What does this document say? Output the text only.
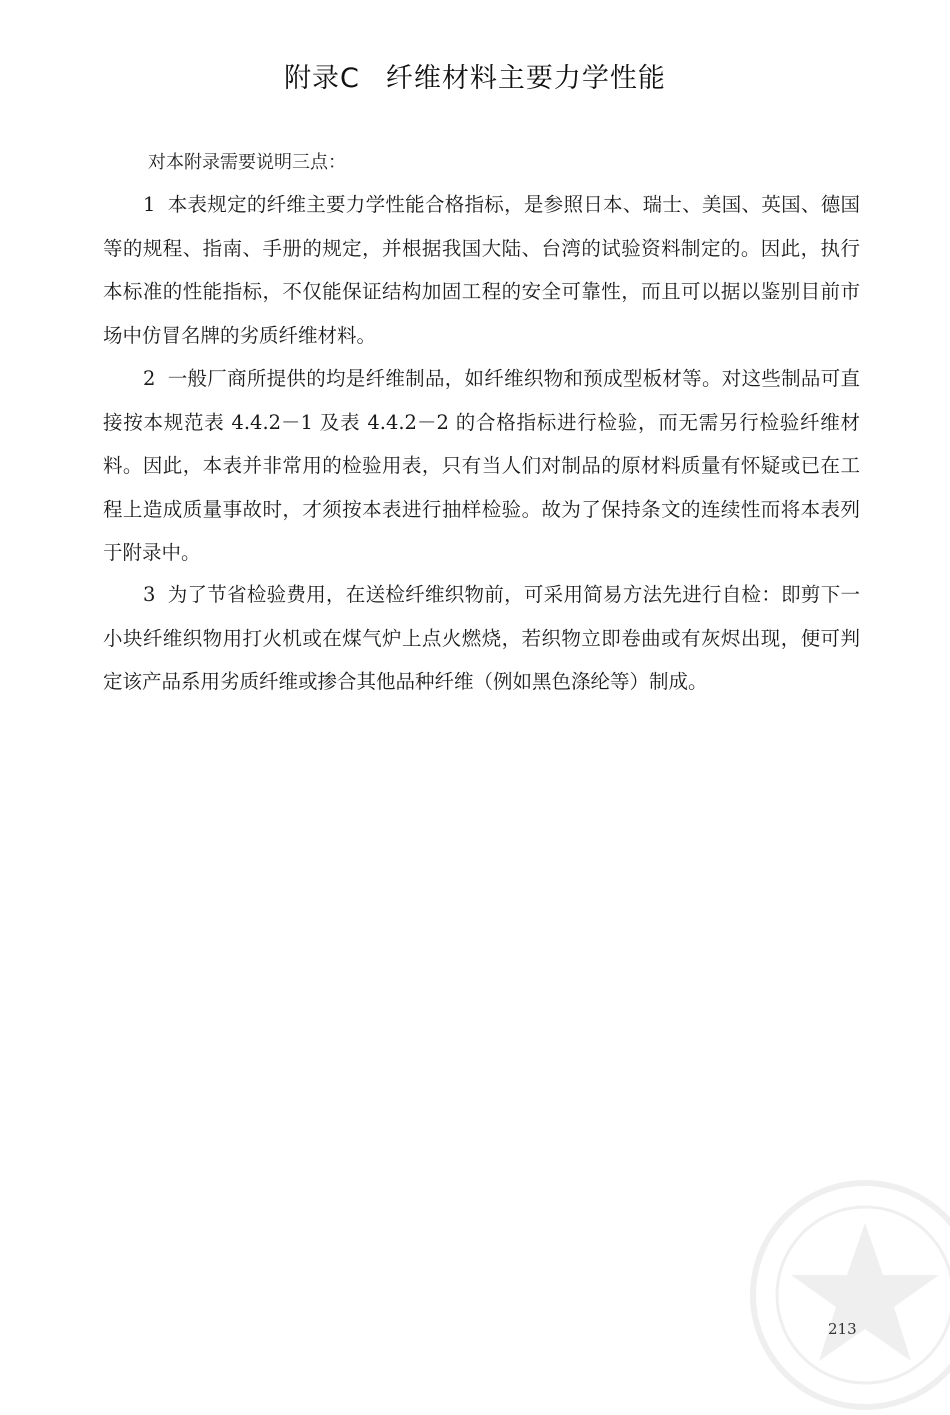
附录C 纤维材料主要力学性能
对本附录需要说明三点：

1 本表规定的纤维主要力学性能合格指标，是参照日本、瑞士、美国、英国、德国等的规程、指南、手册的规定，并根据我国大陆、台湾的试验资料制定的。因此，执行本标准的性能指标，不仅能保证结构加固工程的安全可靠性，而且可以据以鉴别目前市场中仿冒名牌的劣质纤维材料。

2 一般厂商所提供的均是纤维制品，如纤维织物和预成型板材等。对这些制品可直接按本规范表 4.4.2－1 及表 4.4.2－2 的合格指标进行检验，而无需另行检验纤维材料。因此，本表并非常用的检验用表，只有当人们对制品的原材料质量有怀疑或已在工程上造成质量事故时，才须按本表进行抽样检验。故为了保持条文的连续性而将本表列于附录中。

3 为了节省检验费用，在送检纤维织物前，可采用简易方法先进行自检：即剪下一小块纤维织物用打火机或在煤气炉上点火燃烧，若织物立即卷曲或有灰烬出现，便可判定该产品系用劣质纤维或掺合其他品种纤维（例如黑色涤纶等）制成。

213
